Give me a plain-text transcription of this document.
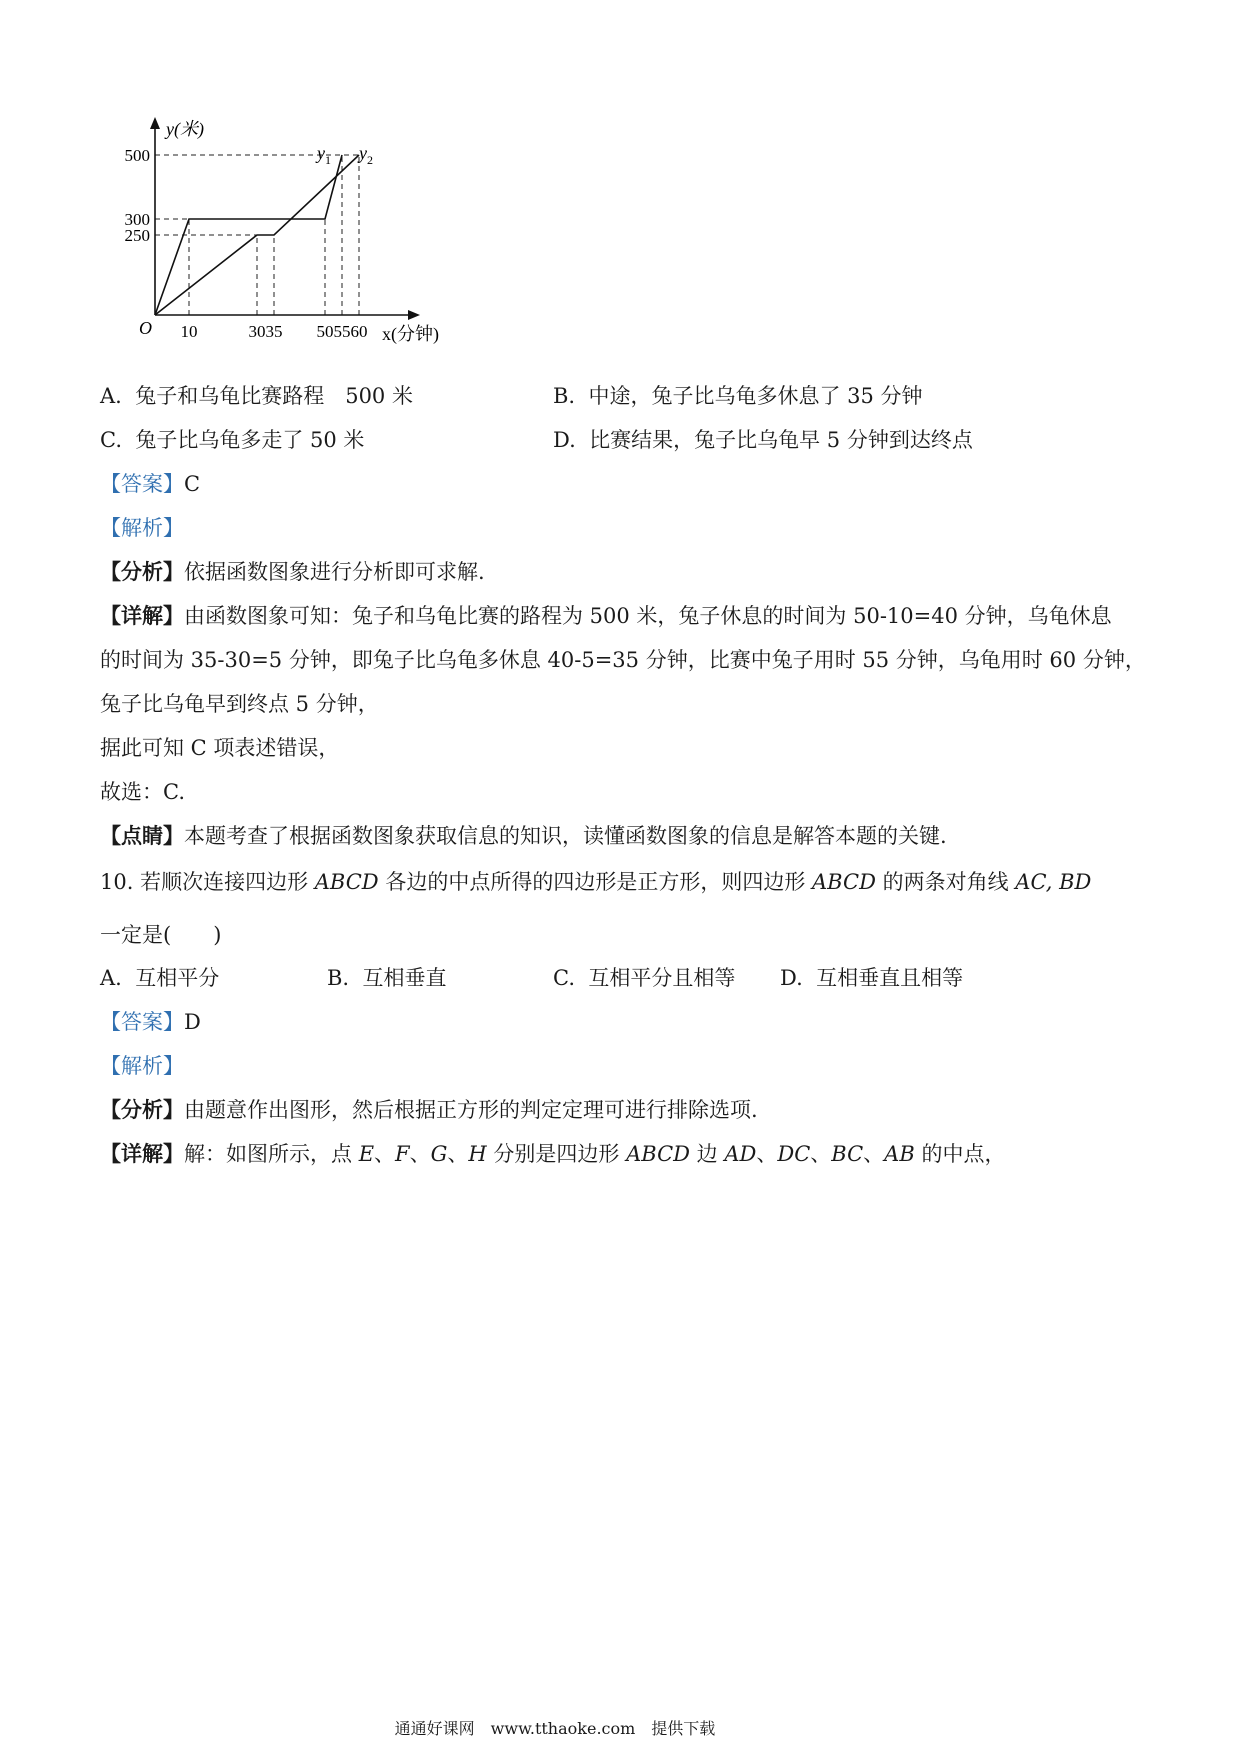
y(米)
x(分钟)
O
$y_1$ $y_2$
10	30 35 50 55 60
250
300
500
A. 兔子和乌龟比赛路程　500 米	B. 中途，兔子比乌龟多休息了 35 分钟
C. 兔子比乌龟多走了 50 米	D. 比赛结果，兔子比乌龟早 5 分钟到达终点
【答案】C
【解析】
【分析】依据函数图象进行分析即可求解.
【详解】由函数图象可知：兔子和乌龟比赛的路程为 500 米，兔子休息的时间为 50-10=40 分钟，乌龟休息
的时间为 35-30=5 分钟，即兔子比乌龟多休息 40-5=35 分钟，比赛中兔子用时 55 分钟，乌龟用时 60 分钟，
兔子比乌龟早到终点 5 分钟，
据此可知 C 项表述错误，
故选：C.
【点睛】本题考查了根据函数图象获取信息的知识，读懂函数图象的信息是解答本题的关键.
10. 若顺次连接四边形 ABCD 各边的中点所得的四边形是正方形，则四边形 ABCD 的两条对角线 AC, BD
一定是(　　)
A. 互相平分	B. 互相垂直	C. 互相平分且相等 D. 互相垂直且相等
【答案】D
【解析】
【分析】由题意作出图形，然后根据正方形的判定定理可进行排除选项.
【详解】解：如图所示，点 E、F、G、H 分别是四边形 ABCD 边 AD、DC、BC、AB 的中点，
通通好课网　www.tthaoke.com　提供下载
